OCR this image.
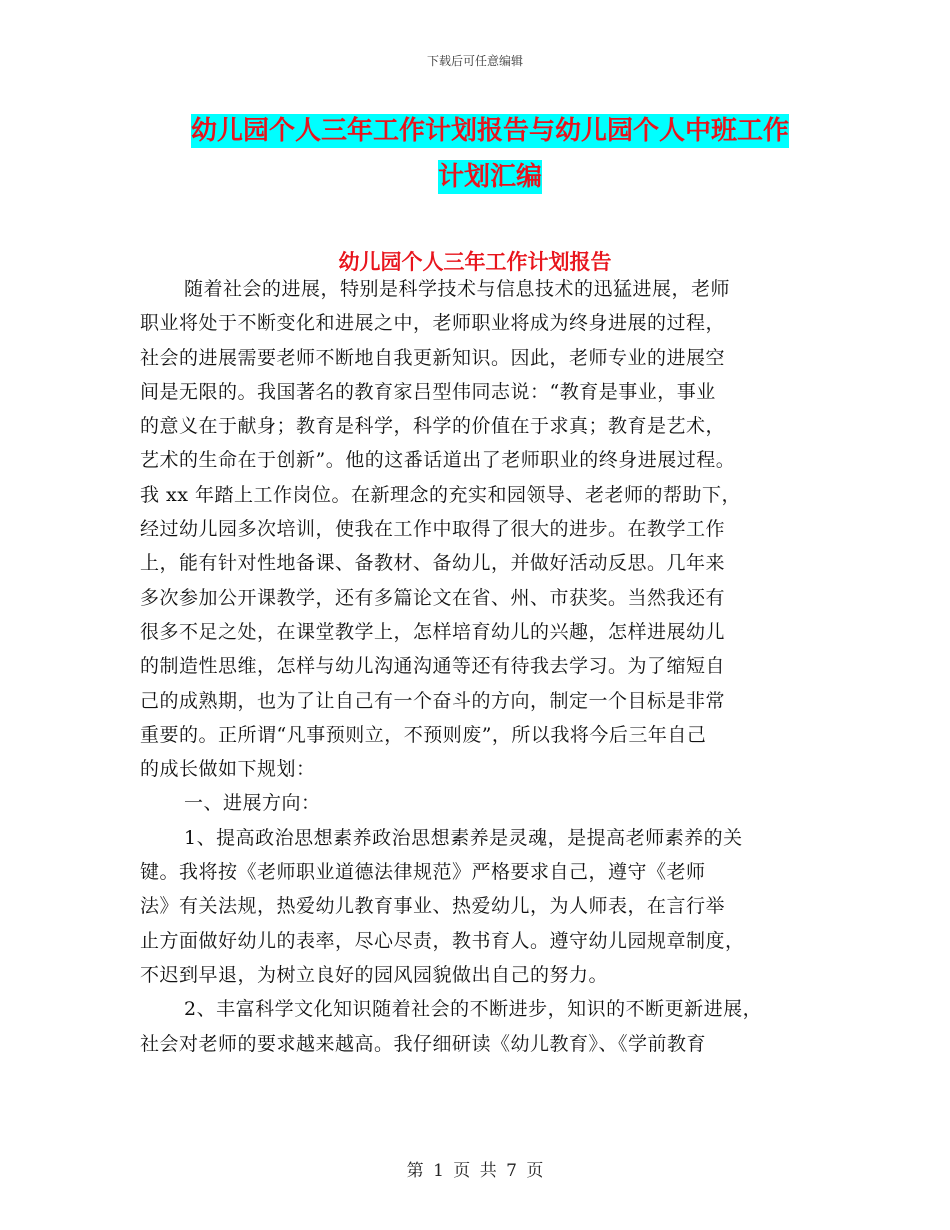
下载后可任意编辑
幼儿园个人三年工作计划报告与幼儿园个人中班工作
计划汇编
幼儿园个人三年工作计划报告
随着社会的进展，特别是科学技术与信息技术的迅猛进展，老师
职业将处于不断变化和进展之中，老师职业将成为终身进展的过程，
社会的进展需要老师不断地自我更新知识。因此，老师专业的进展空
间是无限的。我国著名的教育家吕型伟同志说：“教育是事业，事业
的意义在于献身；教育是科学，科学的价值在于求真；教育是艺术，
艺术的生命在于创新”。他的这番话道出了老师职业的终身进展过程。
我 xx 年踏上工作岗位。在新理念的充实和园领导、老老师的帮助下，
经过幼儿园多次培训，使我在工作中取得了很大的进步。在教学工作
上，能有针对性地备课、备教材、备幼儿，并做好活动反思。几年来
多次参加公开课教学，还有多篇论文在省、州、市获奖。当然我还有
很多不足之处，在课堂教学上，怎样培育幼儿的兴趣，怎样进展幼儿
的制造性思维，怎样与幼儿沟通沟通等还有待我去学习。为了缩短自
己的成熟期，也为了让自己有一个奋斗的方向，制定一个目标是非常
重要的。正所谓“凡事预则立，不预则废”，所以我将今后三年自己
的成长做如下规划：
一、进展方向：
1、提高政治思想素养政治思想素养是灵魂，是提高老师素养的关
键。我将按《老师职业道德法律规范》严格要求自己，遵守《老师
法》有关法规，热爱幼儿教育事业、热爱幼儿，为人师表，在言行举
止方面做好幼儿的表率，尽心尽责，教书育人。遵守幼儿园规章制度，
不迟到早退，为树立良好的园风园貌做出自己的努力。
2、丰富科学文化知识随着社会的不断进步，知识的不断更新进展，
社会对老师的要求越来越高。我仔细研读《幼儿教育》、《学前教育
第 1 页 共 7 页
